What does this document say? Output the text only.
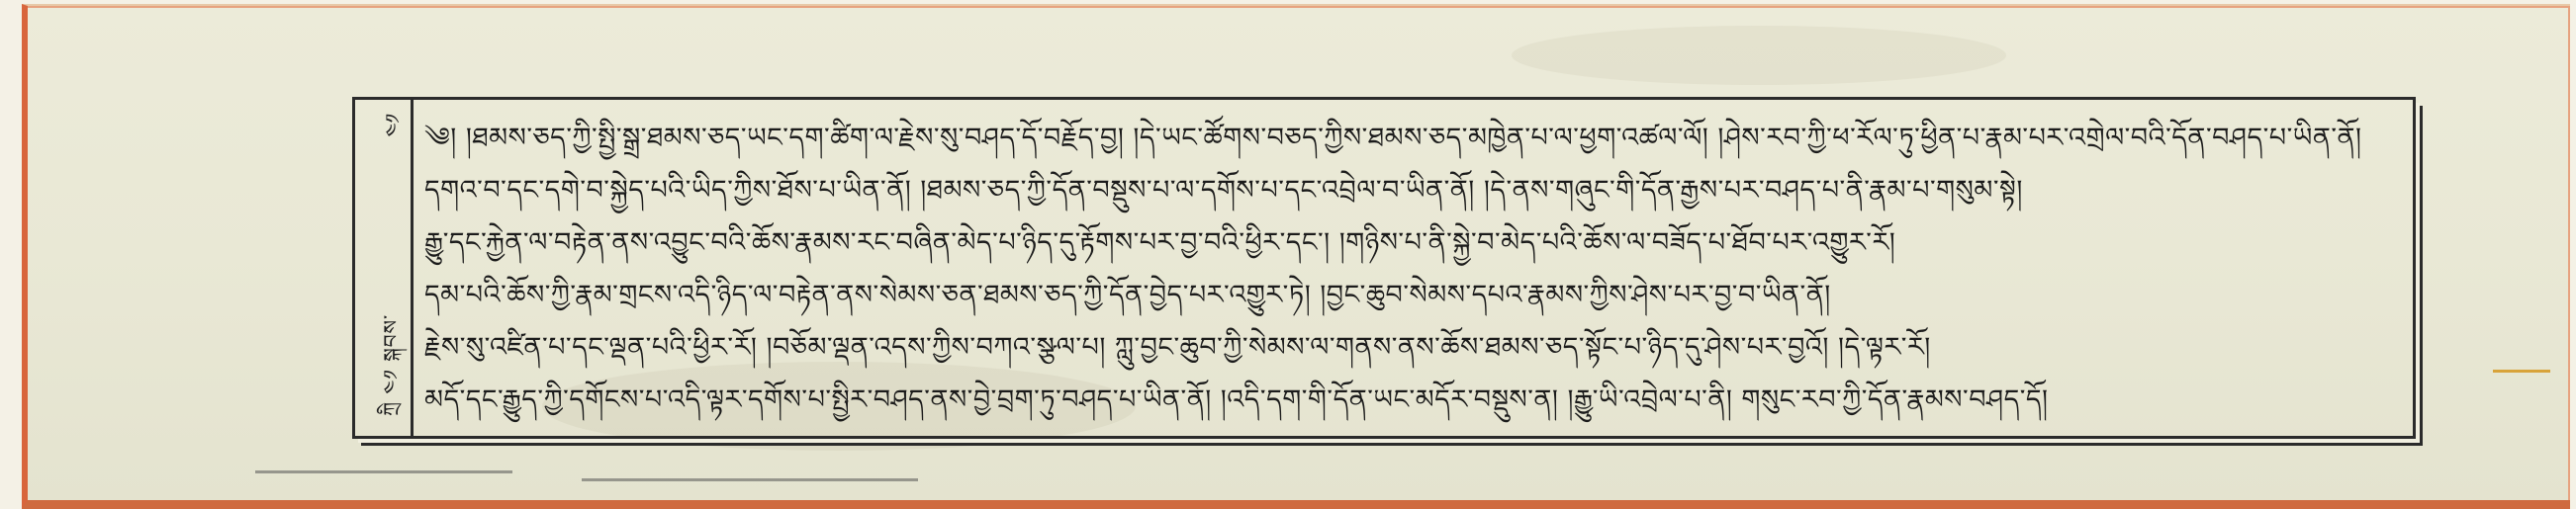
༤༡
ཀྲི ༤༡ སྐབས་
༄། །ཐམས་ཅད་ཀྱི་སྤྱི་སྒྲ་ཐམས་ཅད་ཡང་དག་ཚིག་ལ་རྗེས་སུ་བཤད་དོ་བརྗོད་བྱ། །དེ་ཡང་ཚོགས་བཅད་ཀྱིས་ཐམས་ཅད་མཁྱེན་པ་ལ་ཕྱག་འཚལ་ལོ། །ཤེས་རབ་ཀྱི་ཕ་རོལ་ཏུ་ཕྱིན་པ་རྣམ་པར་འགྲེལ་བའི་དོན་བཤད་པ་ཡིན་ནོ།
དགའ་བ་དང་དགེ་བ་སྐྱེད་པའི་ཡིད་ཀྱིས་ཐོས་པ་ཡིན་ནོ། །ཐམས་ཅད་ཀྱི་དོན་བསྡུས་པ་ལ་དགོས་པ་དང་འབྲེལ་བ་ཡིན་ནོ། །དེ་ནས་གཞུང་གི་དོན་རྒྱས་པར་བཤད་པ་ནི་རྣམ་པ་གསུམ་སྟེ།
རྒྱུ་དང་རྐྱེན་ལ་བརྟེན་ནས་འབྱུང་བའི་ཆོས་རྣམས་རང་བཞིན་མེད་པ་ཉིད་དུ་རྟོགས་པར་བྱ་བའི་ཕྱིར་དང་། །གཉིས་པ་ནི་སྐྱེ་བ་མེད་པའི་ཆོས་ལ་བཟོད་པ་ཐོབ་པར་འགྱུར་རོ།
དམ་པའི་ཆོས་ཀྱི་རྣམ་གྲངས་འདི་ཉིད་ལ་བརྟེན་ནས་སེམས་ཅན་ཐམས་ཅད་ཀྱི་དོན་བྱེད་པར་འགྱུར་ཏེ། །བྱང་ཆུབ་སེམས་དཔའ་རྣམས་ཀྱིས་ཤེས་པར་བྱ་བ་ཡིན་ནོ།
རྗེས་སུ་འཛིན་པ་དང་ལྡན་པའི་ཕྱིར་རོ། །བཅོམ་ལྡན་འདས་ཀྱིས་བཀའ་སྩལ་པ། ཀླུ་བྱང་ཆུབ་ཀྱི་སེམས་ལ་གནས་ནས་ཆོས་ཐམས་ཅད་སྟོང་པ་ཉིད་དུ་ཤེས་པར་བྱའོ། །དེ་ལྟར་རོ།
མདོ་དང་རྒྱུད་ཀྱི་དགོངས་པ་འདི་ལྟར་དགོས་པ་སྤྱིར་བཤད་ནས་བྱེ་བྲག་ཏུ་བཤད་པ་ཡིན་ནོ། །འདི་དག་གི་དོན་ཡང་མདོར་བསྡུས་ན། །རྒྱུ་ཡི་འབྲེལ་པ་ནི། གསུང་རབ་ཀྱི་དོན་རྣམས་བཤད་དོ།
